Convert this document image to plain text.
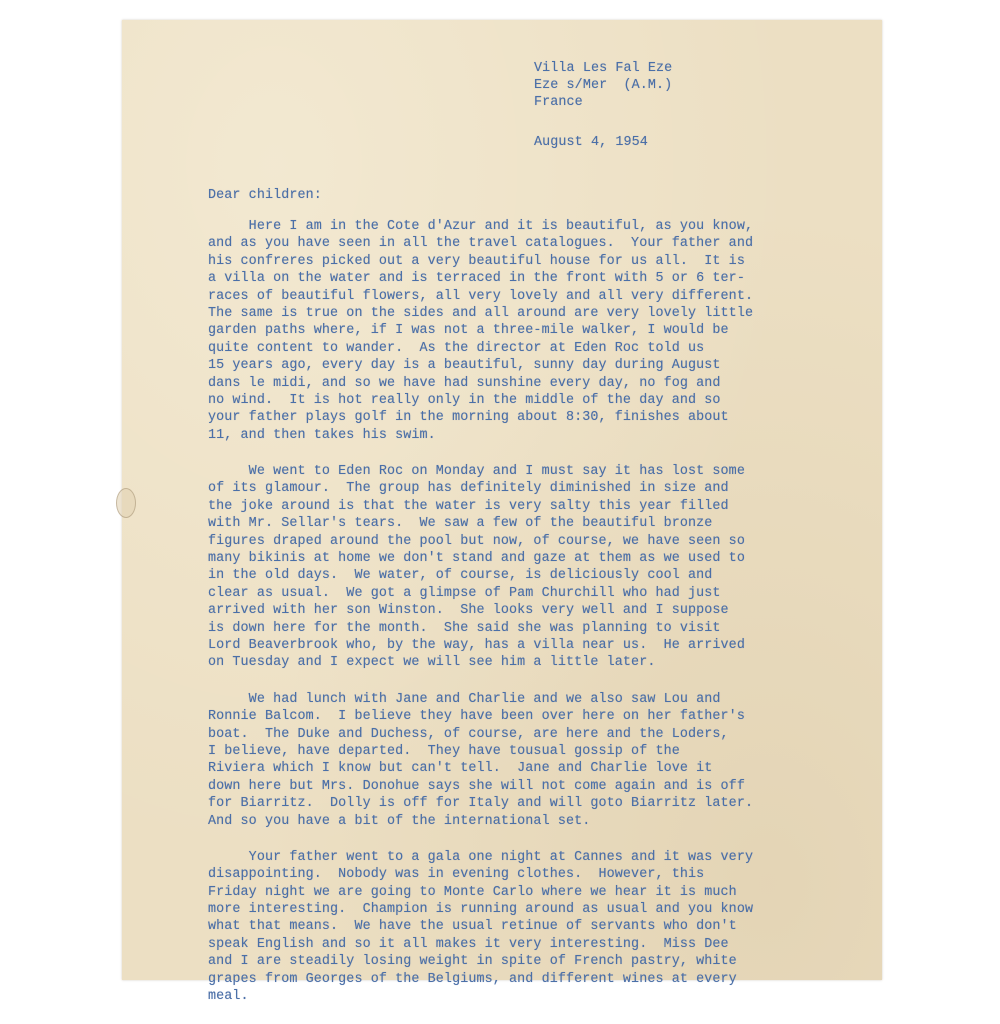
Villa Les Fal Eze
Eze s/Mer  (A.M.)
France
August 4, 1954
Dear children:
Here I am in the Cote d'Azur and it is beautiful, as you know,
and as you have seen in all the travel catalogues.  Your father and
his confreres picked out a very beautiful house for us all.  It is
a villa on the water and is terraced in the front with 5 or 6 ter-
races of beautiful flowers, all very lovely and all very different.
The same is true on the sides and all around are very lovely little
garden paths where, if I was not a three-mile walker, I would be
quite content to wander.  As the director at Eden Roc told us
15 years ago, every day is a beautiful, sunny day during August
dans le midi, and so we have had sunshine every day, no fog and
no wind.  It is hot really only in the middle of the day and so
your father plays golf in the morning about 8:30, finishes about
11, and then takes his swim.
We went to Eden Roc on Monday and I must say it has lost some
of its glamour.  The group has definitely diminished in size and
the joke around is that the water is very salty this year filled
with Mr. Sellar's tears.  We saw a few of the beautiful bronze
figures draped around the pool but now, of course, we have seen so
many bikinis at home we don't stand and gaze at them as we used to
in the old days.  We water, of course, is deliciously cool and
clear as usual.  We got a glimpse of Pam Churchill who had just
arrived with her son Winston.  She looks very well and I suppose
is down here for the month.  She said she was planning to visit
Lord Beaverbrook who, by the way, has a villa near us.  He arrived
on Tuesday and I expect we will see him a little later.
We had lunch with Jane and Charlie and we also saw Lou and
Ronnie Balcom.  I believe they have been over here on her father's
boat.  The Duke and Duchess, of course, are here and the Loders,
I believe, have departed.  They have tousual gossip of the
Riviera which I know but can't tell.  Jane and Charlie love it
down here but Mrs. Donohue says she will not come again and is off
for Biarritz.  Dolly is off for Italy and will goto Biarritz later.
And so you have a bit of the international set.
Your father went to a gala one night at Cannes and it was very
disappointing.  Nobody was in evening clothes.  However, this
Friday night we are going to Monte Carlo where we hear it is much
more interesting.  Champion is running around as usual and you know
what that means.  We have the usual retinue of servants who don't
speak English and so it all makes it very interesting.  Miss Dee
and I are steadily losing weight in spite of French pastry, white
grapes from Georges of the Belgiums, and different wines at every
meal.
